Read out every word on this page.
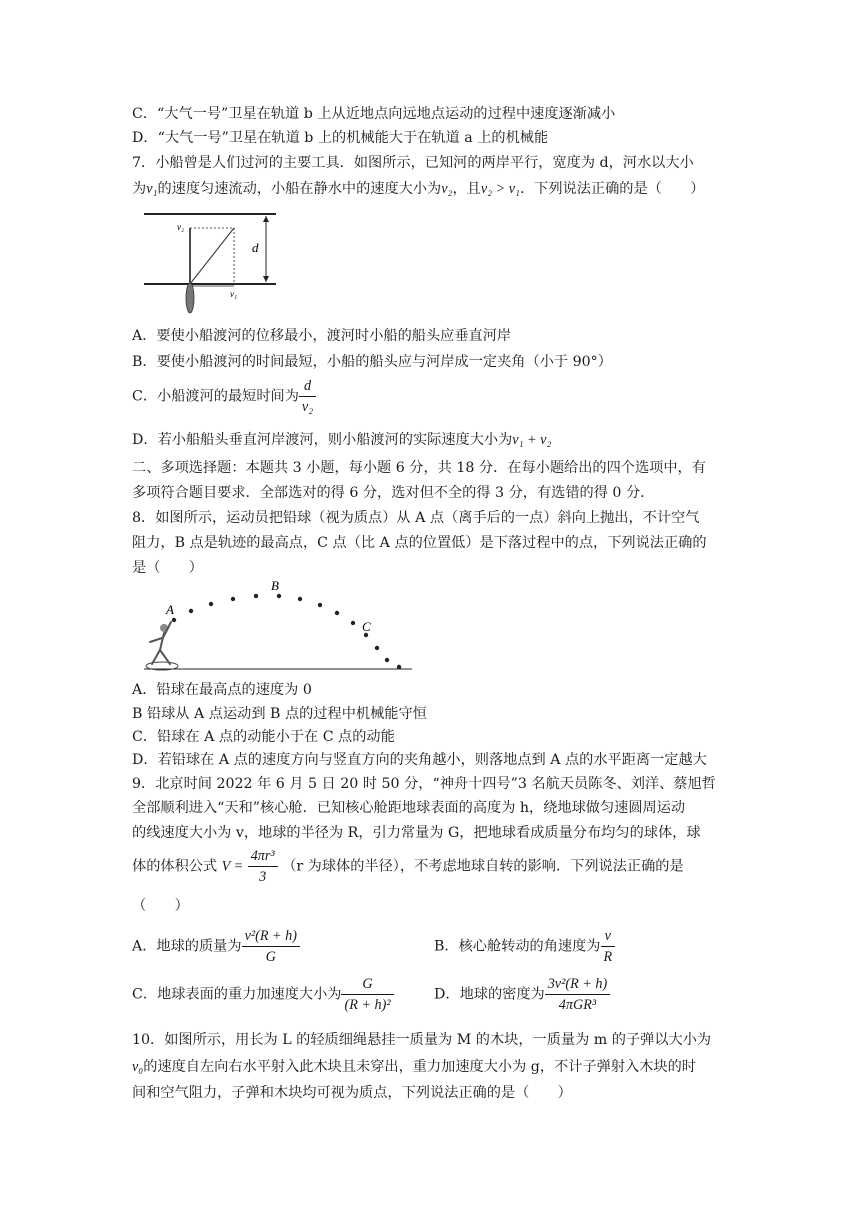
C．“大气一号”卫星在轨道 b 上从近地点向远地点运动的过程中速度逐渐减小
D．“大气一号”卫星在轨道 b 上的机械能大于在轨道 a 上的机械能
7．小船曾是人们过河的主要工具．如图所示，已知河的两岸平行，宽度为 d，河水以大小
为v₁的速度匀速流动，小船在静水中的速度大小为v₂，且v₂ > v₁．下列说法正确的是（　　）
v₂
v₁
d
A．要使小船渡河的位移最小，渡河时小船的船头应垂直河岸
B．要使小船渡河的时间最短，小船的船头应与河岸成一定夹角（小于 90°）
C．小船渡河的最短时间为 $\frac{d}{\text{v₂}}$
D．若小船船头垂直河岸渡河，则小船渡河的实际速度大小为v₁ + v₂
二、多项选择题：本题共 3 小题，每小题 6 分，共 18 分．在每小题给出的四个选项中，有
多项符合题目要求．全部选对的得 6 分，选对但不全的得 3 分，有选错的得 0 分．
8．如图所示，运动员把铅球（视为质点）从 A 点（离手后的一点）斜向上抛出，不计空气
阻力，B 点是轨迹的最高点，C 点（比 A 点的位置低）是下落过程中的点，下列说法正确的
是（　　）
A
B
C
A．铅球在最高点的速度为 0
B 铅球从 A 点运动到 B 点的过程中机械能守恒
C．铅球在 A 点的动能小于在 C 点的动能
D．若铅球在 A 点的速度方向与竖直方向的夹角越小，则落地点到 A 点的水平距离一定越大
9．北京时间 2022 年 6 月 5 日 20 时 50 分，“神舟十四号”3 名航天员陈冬、刘洋、蔡旭哲
全部顺利进入“天和”核心舱．已知核心舱距地球表面的高度为 h，绕地球做匀速圆周运动
的线速度大小为 v，地球的半径为 R，引力常量为 G，把地球看成质量分布均匀的球体，球
体的体积公式 $V = \frac{\text{4πr³}}{3} (r$ 为球体的半径），不考虑地球自转的影响．下列说法正确的是
（　　）
A．地球的质量为 $\frac{\text{v²(R + h)}}{G}$	B．核心舱转动的角速度为 $\frac{v}{R}$
C．地球表面的重力加速度大小为 $\frac{G}{\text{(R + h)²}}$	D．地球的密度为 $\frac{\text{3v²(R + h)}}{\text{4πGR³}}$
10．如图所示，用长为 L 的轻质细绳悬挂一质量为 M 的木块，一质量为 m 的子弹以大小为
v₀的速度自左向右水平射入此木块且未穿出，重力加速度大小为 g，不计子弹射入木块的时
间和空气阻力，子弹和木块均可视为质点，下列说法正确的是（　　）
